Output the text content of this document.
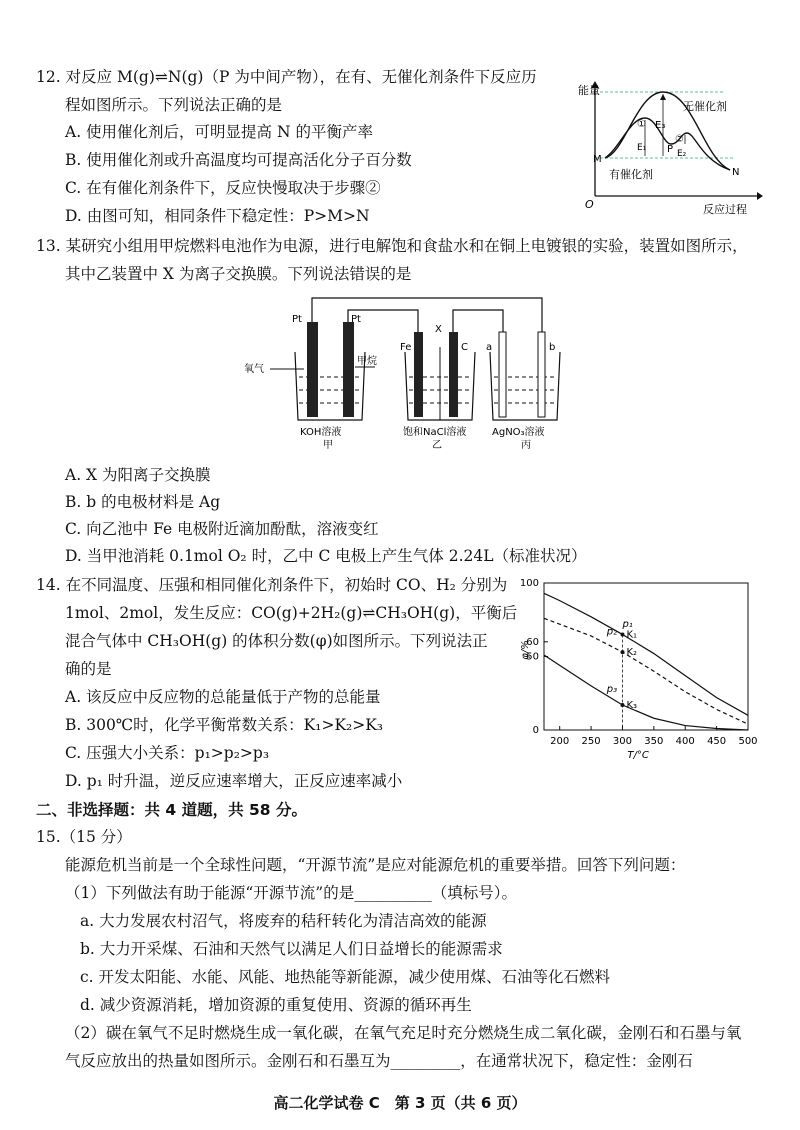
12. 对反应 M(g)⇌N(g)（P 为中间产物），在有、无催化剂条件下反应历
程如图所示。下列说法正确的是
A. 使用催化剂后，可明显提高 N 的平衡产率
B. 使用催化剂或升高温度均可提高活化分子百分数
C. 在有催化剂条件下，反应快慢取决于步骤②
D. 由图可知，相同条件下稳定性：P>M>N
能量
O	反应过程
M
N
P
无催化剂
有催化剂
E₃
E₁
E₂
①
②
13. 某研究小组用甲烷燃料电池作为电源，进行电解饱和食盐水和在铜上电镀银的实验，装置如图所示，
其中乙装置中 X 为离子交换膜。下列说法错误的是
Pt	Pt
氧气
甲烷
KOH溶液
甲
Fe
X
C
饱和NaCl溶液
乙
a	b
AgNO₃溶液
丙
A. X 为阳离子交换膜
B. b 的电极材料是 Ag
C. 向乙池中 Fe 电极附近滴加酚酞，溶液变红
D. 当甲池消耗 0.1mol O₂ 时，乙中 C 电极上产生气体 2.24L（标准状况）
14. 在不同温度、压强和相同催化剂条件下，初始时 CO、H₂ 分别为
1mol、2mol，发生反应：CO(g)+2H₂(g)⇌CH₃OH(g)，平衡后
混合气体中 CH₃OH(g) 的体积分数(φ)如图所示。下列说法正
确的是
A. 该反应中反应物的总能量低于产物的总能量
B. 300℃时，化学平衡常数关系：K₁>K₂>K₃
C. 压强大小关系：p₁>p₂>p₃
D. p₁ 时升温，逆反应速率增大，正反应速率减小
200 250 300 350 400 450 500
0
50
60
100
φ/%
T/°C
p₁
p₂
p₃
K₁
K₂
K₃
二、非选择题：共 4 道题，共 58 分。
15.（15 分）
能源危机当前是一个全球性问题，“开源节流”是应对能源危机的重要举措。回答下列问题：
（1）下列做法有助于能源“开源节流”的是__________（填标号）。
a. 大力发展农村沼气，将废弃的秸秆转化为清洁高效的能源
b. 大力开采煤、石油和天然气以满足人们日益增长的能源需求
c. 开发太阳能、水能、风能、地热能等新能源，减少使用煤、石油等化石燃料
d. 减少资源消耗，增加资源的重复使用、资源的循环再生
（2）碳在氧气不足时燃烧生成一氧化碳，在氧气充足时充分燃烧生成二氧化碳，金刚石和石墨与氧
气反应放出的热量如图所示。金刚石和石墨互为_________，在通常状况下，稳定性：金刚石
高二化学试卷 C　第 3 页（共 6 页）
